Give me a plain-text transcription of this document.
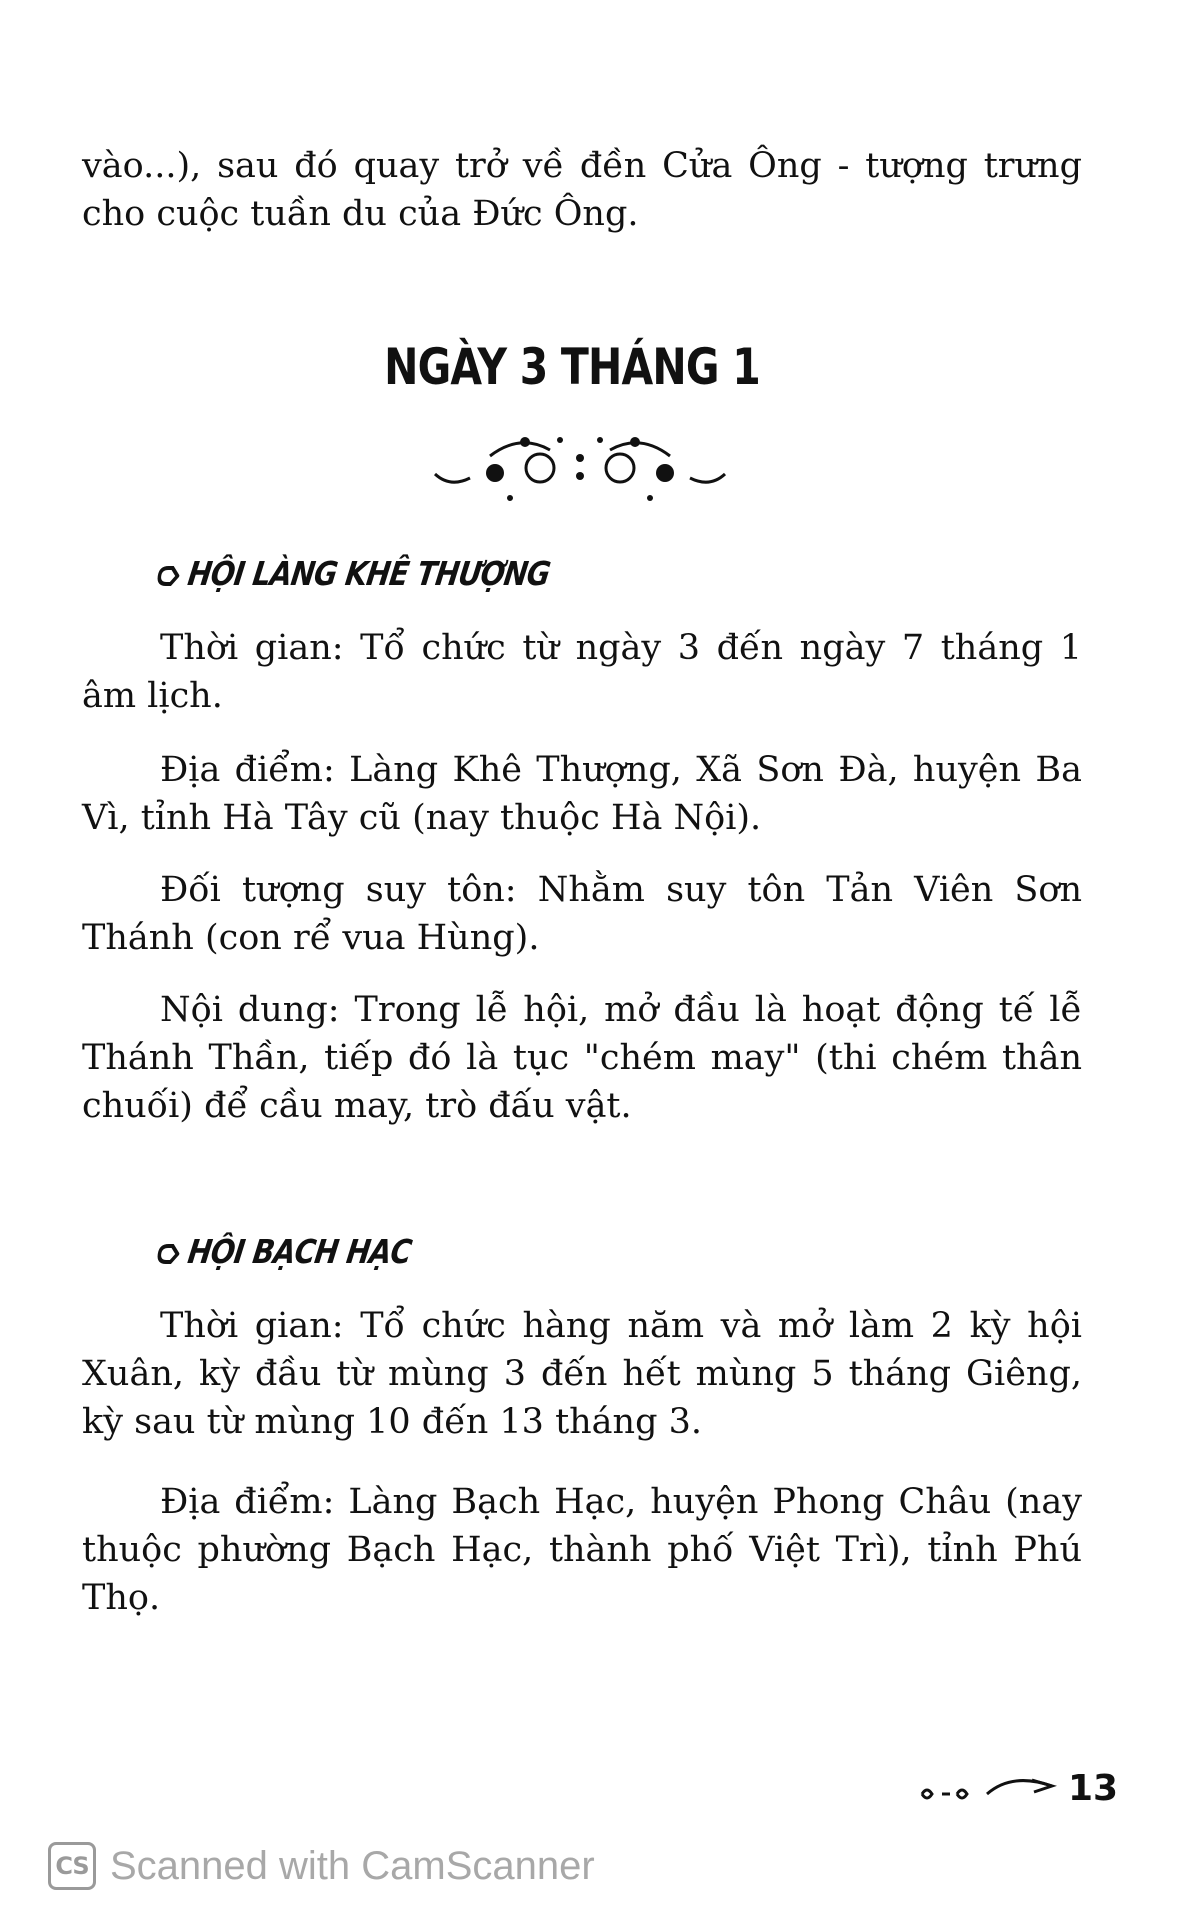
vào...), sau đó quay trở về đền Cửa Ông - tượng trưng cho cuộc tuần du của Đức Ông.

NGÀY 3 THÁNG 1
HỘI LÀNG KHÊ THƯỢNG

Thời gian: Tổ chức từ ngày 3 đến ngày 7 tháng 1 âm lịch.

Địa điểm: Làng Khê Thượng, Xã Sơn Đà, huyện Ba Vì, tỉnh Hà Tây cũ (nay thuộc Hà Nội).

Đối tượng suy tôn: Nhằm suy tôn Tản Viên Sơn Thánh (con rể vua Hùng).

Nội dung: Trong lễ hội, mở đầu là hoạt động tế lễ Thánh Thần, tiếp đó là tục "chém may" (thi chém thân chuối) để cầu may, trò đấu vật.

HỘI BẠCH HẠC

Thời gian: Tổ chức hàng năm và mở làm 2 kỳ hội Xuân, kỳ đầu từ mùng 3 đến hết mùng 5 tháng Giêng, kỳ sau từ mùng 10 đến 13 tháng 3.

Địa điểm: Làng Bạch Hạc, huyện Phong Châu (nay thuộc phường Bạch Hạc, thành phố Việt Trì), tỉnh Phú Thọ.

13
CS Scanned with CamScanner
